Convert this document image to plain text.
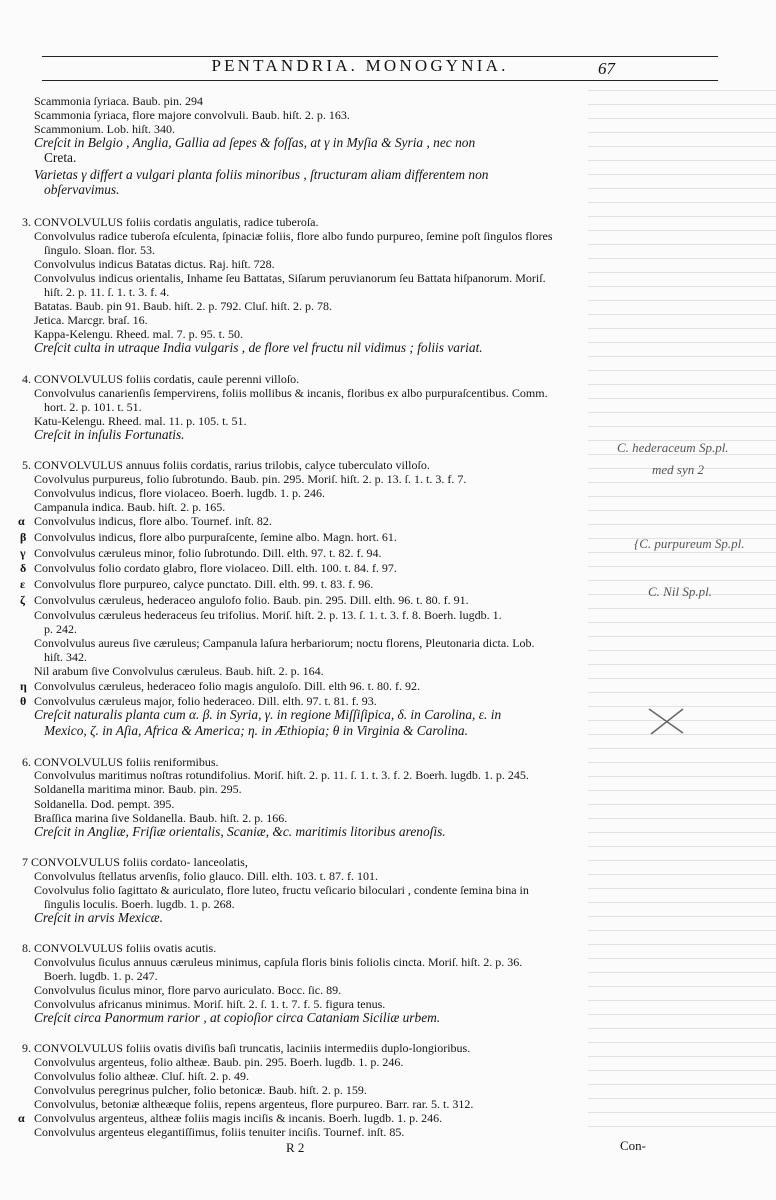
PENTANDRIA. MONOGYNIA.	67
Scammonia ſyriaca. Baub. pin. 294
Scammonia ſyriaca, flore majore convolvuli. Baub. hiſt. 2. p. 163.
Scammonium. Lob. hiſt. 340.
Creſcit in Belgio , Anglia, Gallia ad ſepes & foſſas, at γ in Myſia & Syria , nec non
Creta.
Varietas γ differt a vulgari planta foliis minoribus , ſtructuram aliam differentem non
obſervavimus.
3. CONVOLVULUS foliis cordatis angulatis, radice tuberoſa.
Convolvulus radice tuberoſa eſculenta, ſpinaciæ foliis, flore albo fundo purpureo, ſemine poſt ſingulos flores
ſingulo. Sloan. flor. 53.
Convolvulus indicus Batatas dictus. Raj. hiſt. 728.
Convolvulus indicus orientalis, Inhame ſeu Battatas, Siſarum peruvianorum ſeu Battata hiſpanorum. Moriſ.
hiſt. 2. p. 11. ſ. 1. t. 3. f. 4.
Batatas. Baub. pin 91. Baub. hiſt. 2. p. 792. Cluſ. hiſt. 2. p. 78.
Jetica. Marcgr. braſ. 16.
Kappa-Kelengu. Rheed. mal. 7. p. 95. t. 50.
Creſcit culta in utraque India vulgaris , de flore vel fructu nil vidimus ; foliis variat.
4. CONVOLVULUS foliis cordatis, caule perenni villoſo.
Convolvulus canarienſis ſempervirens, foliis mollibus & incanis, floribus ex albo purpuraſcentibus. Comm.
hort. 2. p. 101. t. 51.
Katu-Kelengu. Rheed. mal. 11. p. 105. t. 51.
Creſcit in inſulis Fortunatis.
5. CONVOLVULUS annuus foliis cordatis, rarius trilobis, calyce tuberculato villoſo.
Covolvulus purpureus, folio ſubrotundo. Baub. pin. 295. Moriſ. hiſt. 2. p. 13. ſ. 1. t. 3. f. 7.
Convolvulus indicus, flore violaceo. Boerh. lugdb. 1. p. 246.
Campanula indica. Baub. hiſt. 2. p. 165.
Convolvulus indicus, flore albo. Tournef. inſt. 82.
Convolvulus indicus, flore albo purpuraſcente, ſemine albo. Magn. hort. 61.
Convolvulus cæruleus minor, folio ſubrotundo. Dill. elth. 97. t. 82. f. 94.
Convolvulus folio cordato glabro, flore violaceo. Dill. elth. 100. t. 84. f. 97.
Convolvulus flore purpureo, calyce punctato. Dill. elth. 99. t. 83. f. 96.
Convolvulus cæruleus, hederaceo angulofo folio. Baub. pin. 295. Dill. elth. 96. t. 80. f. 91.
Convolvulus cæruleus hederaceus ſeu trifolius. Moriſ. hiſt. 2. p. 13. ſ. 1. t. 3. f. 8. Boerh. lugdb. 1.
p. 242.
Convolvulus aureus ſive cæruleus; Campanula laſura herbariorum; noctu florens, Pleutonaria dicta. Lob.
hiſt. 342.
Nil arabum ſive Convolvulus cæruleus. Baub. hiſt. 2. p. 164.
Convolvulus cæruleus, hederaceo folio magis anguloſo. Dill. elth 96. t. 80. f. 92.
Convolvulus cæruleus major, folio hederaceo. Dill. elth. 97. t. 81. f. 93.
Creſcit naturalis planta cum α. β. in Syria, γ. in regione Miſſiſipica, δ. in Carolina, ε. in
Mexico, ζ. in Aſia, Africa & America; η. in Æthiopia; θ in Virginia & Carolina.
6. CONVOLVULUS foliis reniformibus.
Convolvulus maritimus noſtras rotundifolius. Moriſ. hiſt. 2. p. 11. ſ. 1. t. 3. f. 2. Boerh. lugdb. 1. p. 245.
Soldanella maritima minor. Baub. pin. 295.
Soldanella. Dod. pempt. 395.
Braſſica marina ſive Soldanella. Baub. hiſt. 2. p. 166.
Creſcit in Angliæ, Friſiæ orientalis, Scaniæ, &c. maritimis litoribus arenoſis.
7 CONVOLVULUS foliis cordato- lanceolatis,
Convolvulus ſtellatus arvenſis, folio glauco. Dill. elth. 103. t. 87. f. 101.
Covolvulus folio ſagittato & auriculato, flore luteo, fructu veſicario biloculari , condente ſemina bina in
ſingulis loculis. Boerh. lugdb. 1. p. 268.
Creſcit in arvis Mexicæ.
8. CONVOLVULUS foliis ovatis acutis.
Convolvulus ſiculus annuus cæruleus minimus, capſula floris binis foliolis cincta. Moriſ. hiſt. 2. p. 36.
Boerh. lugdb. 1. p. 247.
Convolvulus ſiculus minor, flore parvo auriculato. Bocc. ſic. 89.
Convolvulus africanus minimus. Moriſ. hiſt. 2. ſ. 1. t. 7. f. 5. figura tenus.
Creſcit circa Panormum rarior , at copioſior circa Cataniam Siciliæ urbem.
9. CONVOLVULUS foliis ovatis diviſis baſi truncatis, laciniis intermediis duplo-longioribus.
Convolvulus argenteus, folio altheæ. Baub. pin. 295. Boerh. lugdb. 1. p. 246.
Convolvulus folio altheæ. Cluſ. hiſt. 2. p. 49.
Convolvulus peregrinus pulcher, folio betonicæ. Baub. hiſt. 2. p. 159.
Convolvulus, betoniæ altheæque foliis, repens argenteus, flore purpureo. Barr. rar. 5. t. 312.
Convolvulus argenteus, altheæ foliis magis inciſis & incanis. Boerh. lugdb. 1. p. 246.
Convolvulus argenteus elegantiſſimus, foliis tenuiter inciſis. Tournef. inſt. 85.
α
β
γ
δ
ε
ζ
η
θ
α
C. hederaceum Sp.pl.
med syn 2
{C. purpureum Sp.pl.
C. Nil Sp.pl.
R 2	Con-
